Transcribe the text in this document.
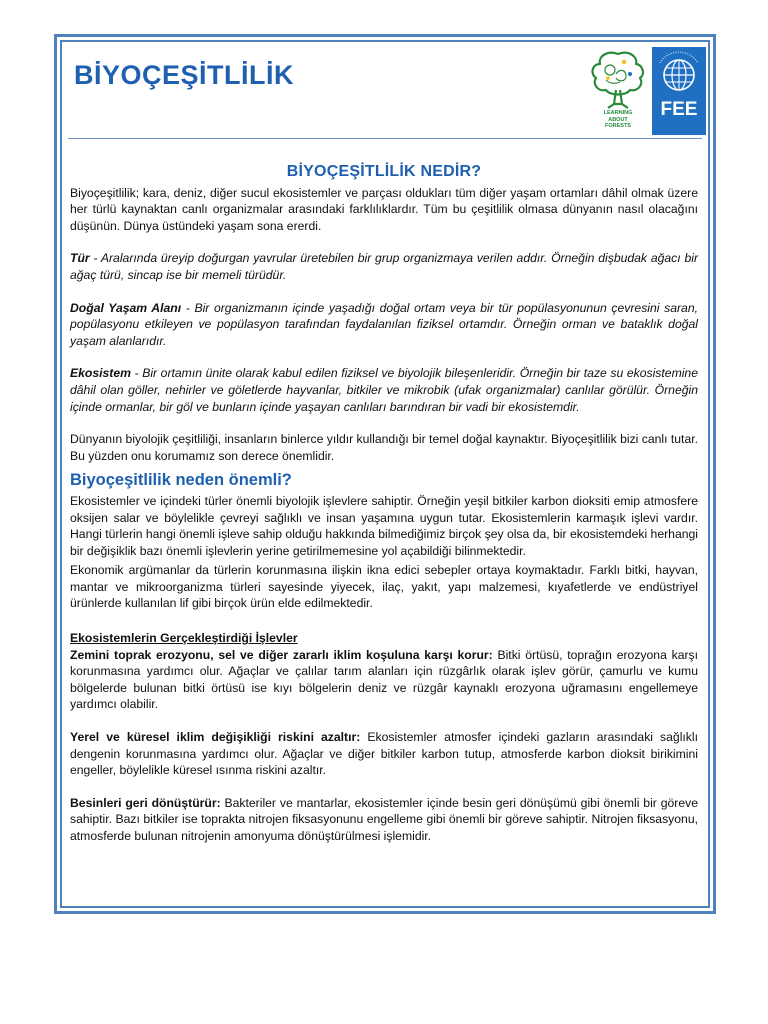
BİYOÇEŞİTLİLİK
LEARNING
ABOUT
FORESTS
FEE
BİYOÇEŞİTLİLİK NEDİR?

Biyoçeşitlilik; kara, deniz, diğer sucul ekosistemler ve parçası oldukları tüm diğer yaşam ortamları dâhil olmak üzere her türlü kaynaktan canlı organizmalar arasındaki farklılıklardır. Tüm bu çeşitlilik olmasa dünyanın nasıl olacağını düşünün. Dünya üstündeki yaşam sona ererdi.

Tür - Aralarında üreyip doğurgan yavrular üretebilen bir grup organizmaya verilen addır. Örneğin dişbudak ağacı bir ağaç türü, sincap ise bir memeli türüdür.

Doğal Yaşam Alanı - Bir organizmanın içinde yaşadığı doğal ortam veya bir tür popülasyonunun çevresini saran, popülasyonu etkileyen ve popülasyon tarafından faydalanılan fiziksel ortamdır. Örneğin orman ve bataklık doğal yaşam alanlarıdır.

Ekosistem - Bir ortamın ünite olarak kabul edilen fiziksel ve biyolojik bileşenleridir. Örneğin bir taze su ekosistemine dâhil olan göller, nehirler ve göletlerde hayvanlar, bitkiler ve mikrobik (ufak organizmalar) canlılar görülür. Örneğin içinde ormanlar, bir göl ve bunların içinde yaşayan canlıları barındıran bir vadi bir ekosistemdir.

Dünyanın biyolojik çeşitliliği, insanların binlerce yıldır kullandığı bir temel doğal kaynaktır. Biyoçeşitlilik bizi canlı tutar. Bu yüzden onu korumamız son derece önemlidir.

Biyoçeşitlilik neden önemli?

Ekosistemler ve içindeki türler önemli biyolojik işlevlere sahiptir. Örneğin yeşil bitkiler karbon dioksiti emip atmosfere oksijen salar ve böylelikle çevreyi sağlıklı ve insan yaşamına uygun tutar. Ekosistemlerin karmaşık işlevi vardır. Hangi türlerin hangi önemli işleve sahip olduğu hakkında bilmediğimiz birçok şey olsa da, bir ekosistemdeki herhangi bir değişiklik bazı önemli işlevlerin yerine getirilmemesine yol açabildiği bilinmektedir.

Ekonomik argümanlar da türlerin korunmasına ilişkin ikna edici sebepler ortaya koymaktadır. Farklı bitki, hayvan, mantar ve mikroorganizma türleri sayesinde yiyecek, ilaç, yakıt, yapı malzemesi, kıyafetlerde ve endüstriyel ürünlerde kullanılan lif gibi birçok ürün elde edilmektedir.

Ekosistemlerin Gerçekleştirdiği İşlevler

Zemini toprak erozyonu, sel ve diğer zararlı iklim koşuluna karşı korur: Bitki örtüsü, toprağın erozyona karşı korunmasına yardımcı olur. Ağaçlar ve çalılar tarım alanları için rüzgârlık olarak işlev görür, çamurlu ve kumu bölgelerde bulunan bitki örtüsü ise kıyı bölgelerin deniz ve rüzgâr kaynaklı erozyona uğramasını engellemeye yardımcı olabilir.

Yerel ve küresel iklim değişikliği riskini azaltır: Ekosistemler atmosfer içindeki gazların arasındaki sağlıklı dengenin korunmasına yardımcı olur. Ağaçlar ve diğer bitkiler karbon tutup, atmosferde karbon dioksit birikimini engeller, böylelikle küresel ısınma riskini azaltır.

Besinleri geri dönüştürür: Bakteriler ve mantarlar, ekosistemler içinde besin geri dönüşümü gibi önemli bir göreve sahiptir. Bazı bitkiler ise toprakta nitrojen fiksasyonunu engelleme gibi önemli bir göreve sahiptir. Nitrojen fiksasyonu, atmosferde bulunan nitrojenin amonyuma dönüştürülmesi işlemidir.
